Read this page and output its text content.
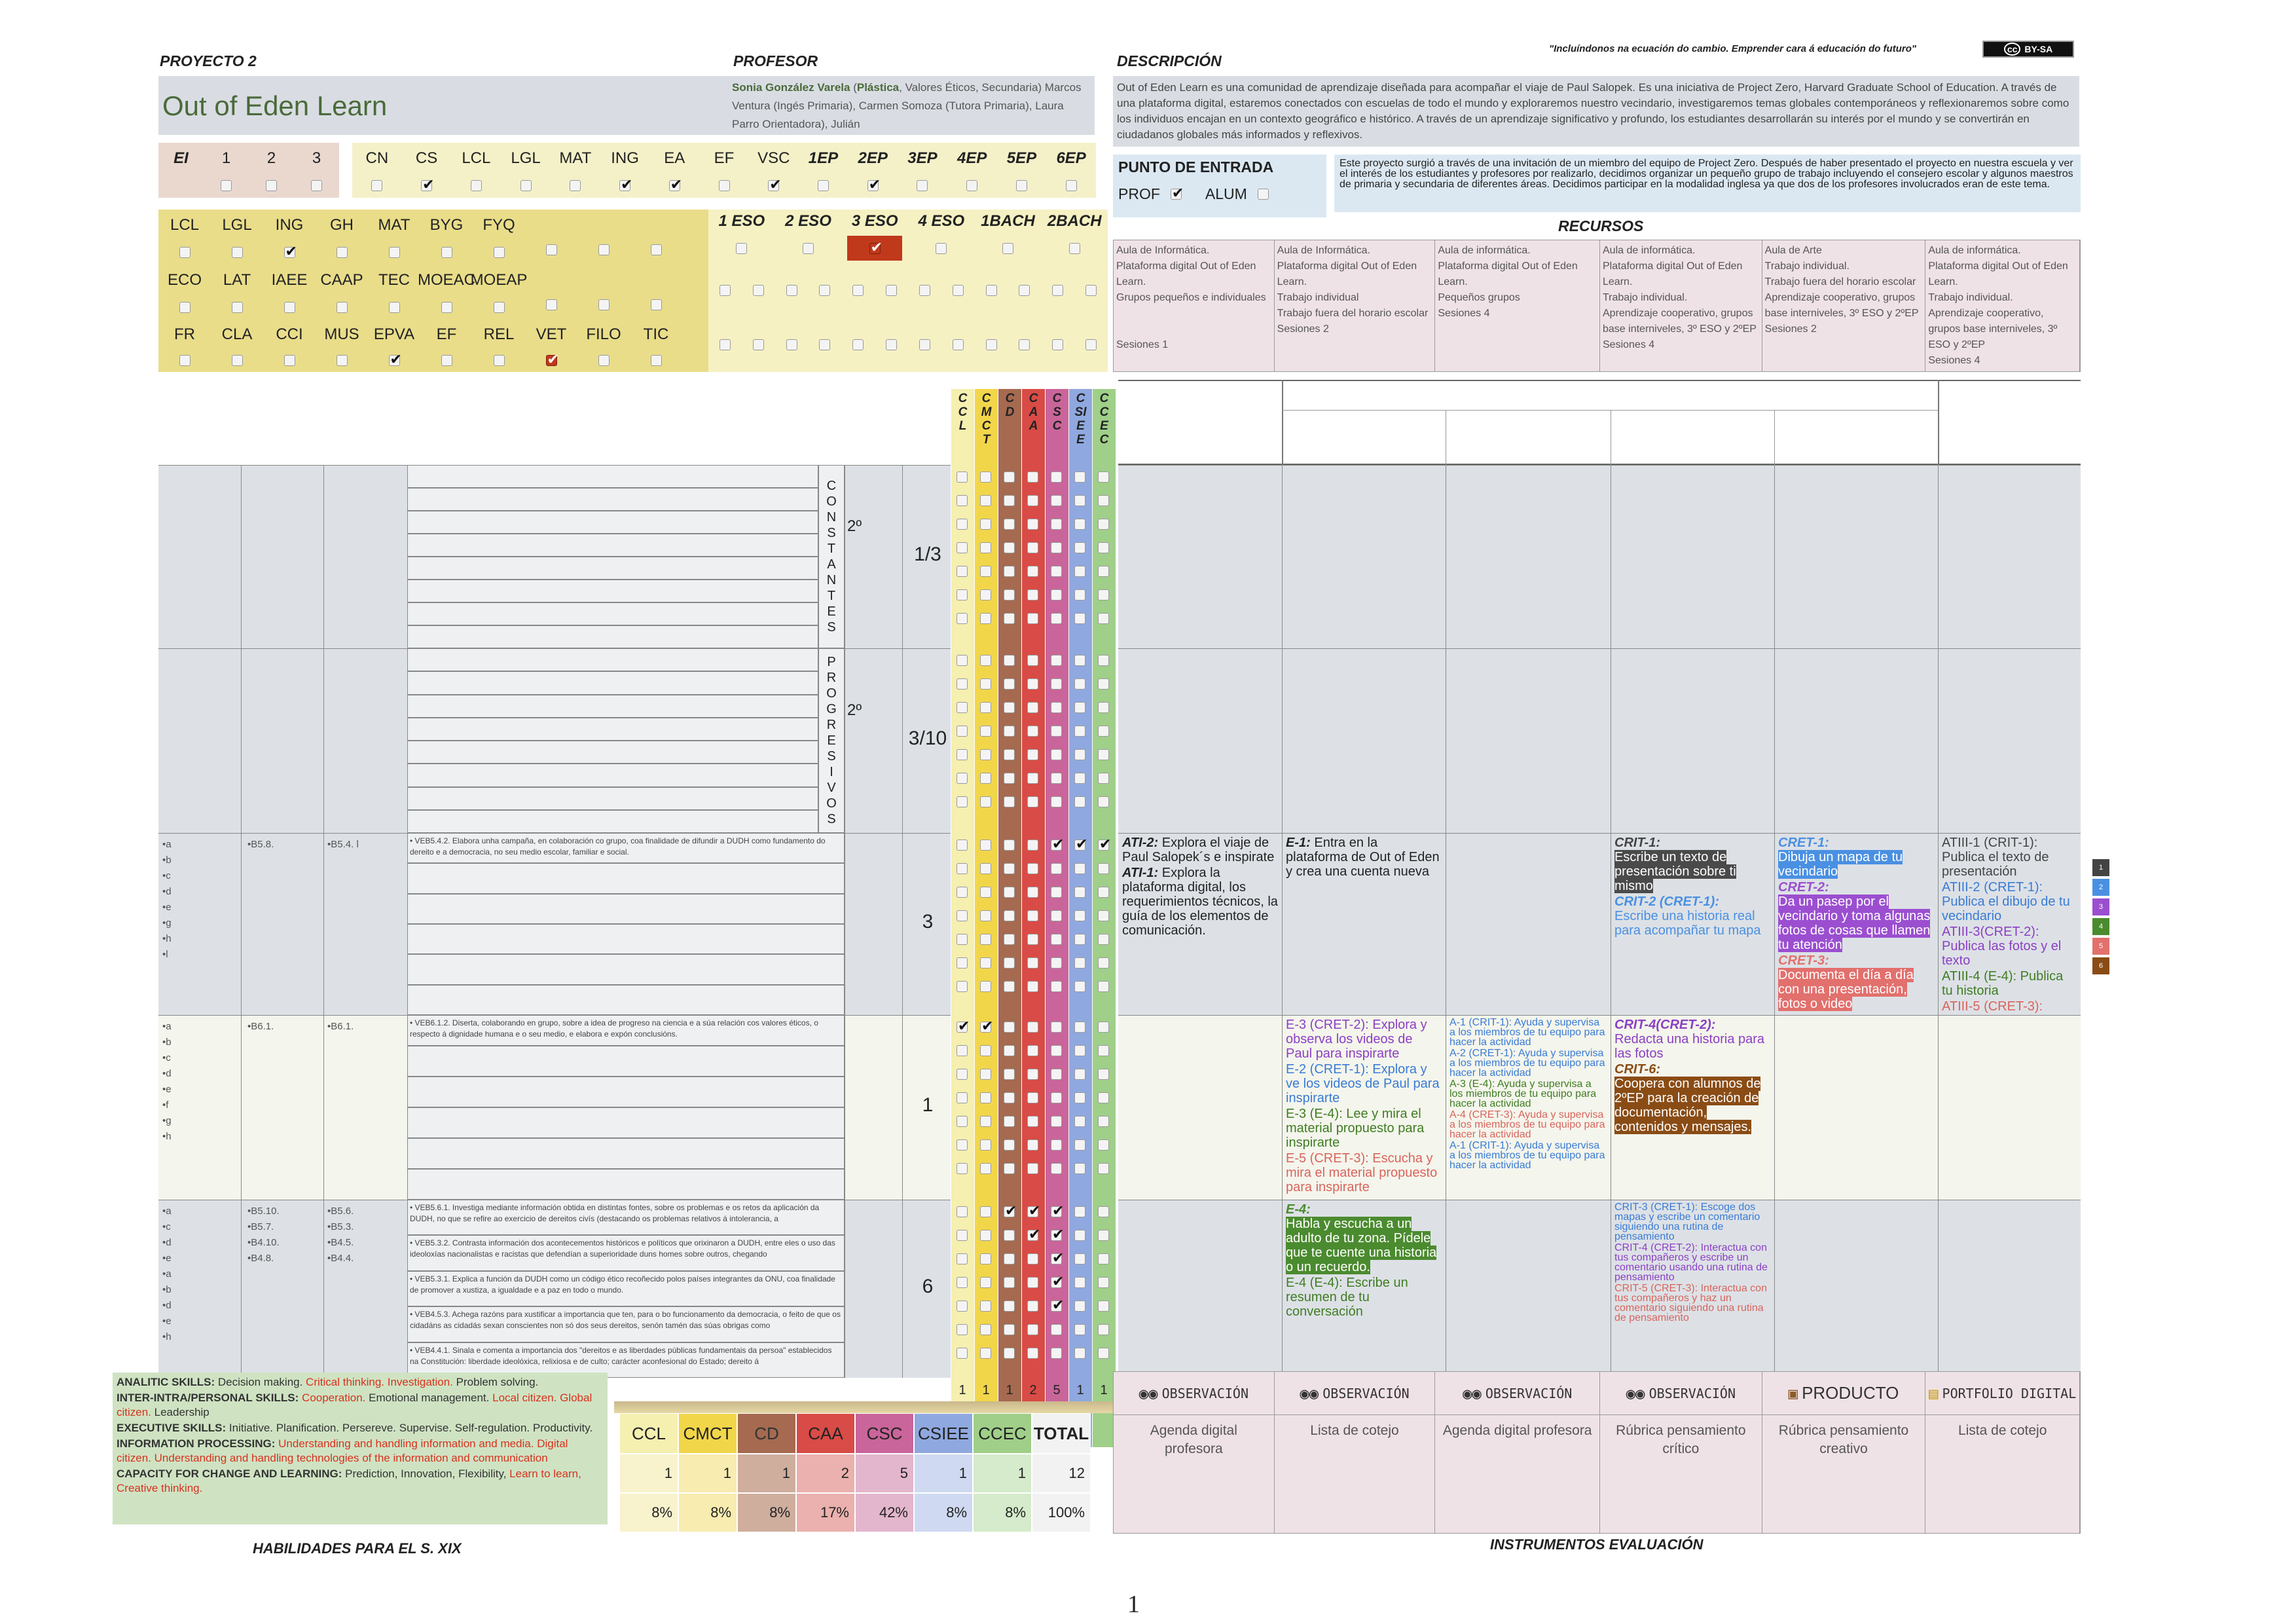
PROYECTO 2
Out of Eden Learn
PROFESOR
Sonia González Varela (Plástica, Valores Éticos, Secundaria) Marcos Ventura (Ingés Primaria), Carmen Somoza (Tutora Primaria), Laura Parro Orientadora), Julián
DESCRIPCIÓN
"Incluíndonos na ecuación do cambio. Emprender cara á educación do futuro"	cc BY-SA
Out of Eden Learn es una comunidad de aprendizaje diseñada para acompañar el viaje de Paul Salopek. Es una iniciativa de Project Zero, Harvard Graduate School of Education. A través de una plataforma digital, estaremos conectados con escuelas de todo el mundo y exploraremos nuestro vecindario, investigaremos temas globales contemporáneos y reflexionaremos sobre como los individuos encajan en un contexto geográfico e histórico. A través de un aprendizaje significativo y profundo, los estudiantes desarrollarán su interés por el mundo y se convertirán en ciudadanos globales más informados y reflexivos.
EI 1 2 3	CN CS
✔ LCL LGL MAT ING
✔ EA
✔ EF VSC
✔ 1EP 2EP
✔ 3EP 4EP 5EP 6EP
PUNTO DE ENTRADA
PROF
✔	ALUM
Este proyecto surgió a través de una invitación de un miembro del equipo de Project Zero. Después de haber presentado el proyecto en nuestra escuela y ver el interés de los estudiantes y profesores por realizarlo, decidimos organizar un pequeño grupo de trabajo incluyendo el consejero escolar y algunos maestros de primaria y secundaria de diferentes áreas. Decidimos participar en la modalidad inglesa ya que dos de los profesores involucrados eran de este tema.
LCL LGL ING
✔ GH MAT BYG FYQ
ECO LAT IAEE CAAP TEC MOEAC
MOEAP
FR CLA CCI MUS EPVA
✔ EF REL VET
✔ FILO TIC
1 ESO 2 ESO 3 ESO
✔ 4 ESO 1BACH 2BACH	RECURSOS
Aula de Informática.
Plataforma digital Out of Eden Learn.
Grupos pequeños e individuales

Sesiones 1
Aula de Informática.
Plataforma digital Out of Eden Learn.
Trabajo individual
Trabajo fuera del horario escolar
Sesiones 2
Aula de informática.
Plataforma digital Out of Eden Learn.
Pequeños grupos
Sesiones 4
Aula de informática.
Plataforma digital Out of Eden Learn.
Trabajo individual.
Aprendizaje cooperativo, grupos base interniveles, 3º ESO y 2ºEP
Sesiones 4
Aula de Arte
Trabajo individual.
Trabajo fuera del horario escolar
Aprendizaje cooperativo, grupos base interniveles, 3º ESO y 2ºEP
Sesiones 2
Aula de informática.
Plataforma digital Out of Eden Learn.
Trabajo individual.
Aprendizaje cooperativo, grupos base interniveles, 3º ESO y 2ºEP
Sesiones 4
CCL
CMCT
CD
CAA
CSC
CSIEE
CCEC
C
O
N
S
T
A
N
T
E
S
2º
1/3
P
R
O
G
R
E
S
I
V
O
S
2º
3/10
✔
✔
✔
•a
•b
•c
•d
•e
•g
•h
•l
•B5.8.	•B5.4. l	• VEB5.4.2. Elabora unha campaña, en colaboración co grupo, coa finalidade de difundir a DUDH como fundamento do dereito e a democracia, no seu medio escolar, familiar e social.
3
ATI-2: Explora el viaje de Paul Salopek´s e inspirate
ATI-1: Explora la plataforma digital, los requerimientos técnicos, la guía de los elementos de comunicación.
E-1: Entra en la plataforma de Out of Eden y crea una cuenta nueva
CRIT-1:
Escribe un texto de presentación sobre ti mismo
CRIT-2 (CRET-1):
Escribe una historia real para acompañar tu mapa
CRET-1:
Dibuja un mapa de tu vecindario
CRET-2:
Da un pasep por el vecindario y toma algunas fotos de cosas que llamen tu atención
CRET-3:
Documenta el día a día con una presentación, fotos o video
ATIII-1 (CRIT-1): Publica el texto de presentación
ATIII-2 (CRET-1): Publica el dibujo de tu vecindario
ATIII-3(CRET-2): Publica las fotos y el texto
ATIII-4 (E-4): Publica tu historia
ATIII-5 (CRET-3):
✔
✔
•a
•b
•c
•d
•e
•f
•g
•h
•B6.1.	•B6.1.	• VEB6.1.2. Diserta, colaborando en grupo, sobre a idea de progreso na ciencia e a súa relación cos valores éticos, o respecto á dignidade humana e o seu medio, e elabora e expón conclusións.
1
E-3 (CRET-2): Explora y observa los videos de Paul para inspirarte
E-2 (CRET-1): Explora y ve los videos de Paul para inspirarte
E-3 (E-4): Lee y mira el material propuesto para inspirarte
E-5 (CRET-3): Escucha y mira el material propuesto para inspirarte
A-1 (CRIT-1): Ayuda y supervisa a los miembros de tu equipo para hacer la actividad
A-2 (CRET-1): Ayuda y supervisa a los miembros de tu equipo para hacer la actividad
A-3 (E-4): Ayuda y supervisa a los miembros de tu equipo para hacer la actividad
A-4 (CRET-3): Ayuda y supervisa a los miembros de tu equipo para hacer la actividad
A-1 (CRIT-1): Ayuda y supervisa a los miembros de tu equipo para hacer la actividad
CRIT-4(CRET-2):
Redacta una historia para las fotos
CRIT-6:
Coopera con alumnos de 2ºEP para la creación de documentación, contenidos y mensajes.
✔
✔
✔
✔
✔
✔
✔
✔
•a
•c
•d
•e
•a
•b
•d
•e
•h
•B5.10.
•B5.7.
•B4.10.
•B4.8.
•B5.6.
•B5.3.
•B4.5.
•B4.4.
• VEB5.6.1. Investiga mediante información obtida en distintas fontes, sobre os problemas e os retos da aplicación da DUDH, no que se refire ao exercicio de dereitos civís (destacando os problemas relativos á intolerancia, a
• VEB5.3.2. Contrasta información dos acontecementos históricos e políticos que orixinaron a DUDH, entre eles o uso das ideoloxías nacionalistas e racistas que defendían a superioridade duns homes sobre outros, chegando
• VEB5.3.1. Explica a función da DUDH como un código ético recoñecido polos países integrantes da ONU, coa finalidade de promover a xustiza, a igualdade e a paz en todo o mundo.
• VEB4.5.3. Achega razóns para xustificar a importancia que ten, para o bo funcionamento da democracia, o feito de que os cidadáns as cidadás sexan conscientes non só dos seus dereitos, senón tamén das súas obrigas como
• VEB4.4.1. Sinala e comenta a importancia dos "dereitos e as liberdades públicas fundamentais da persoa" establecidos na Constitución: liberdade ideolóxica, relixiosa e de culto; carácter aconfesional do Estado; dereito á
6
E-4:
Habla y escucha a un adulto de tu zona. Pídele que te cuente una historia o un recuerdo.
E-4 (E-4): Escribe un resumen de tu conversación
CRIT-3 (CRET-1): Escoge dos mapas y escribe un comentario siguiendo una rutina de pensamiento
CRIT-4 (CRET-2): Interactua con tus compañeros y escribe un comentario usando una rutina de pensamiento
CRIT-5 (CRET-3): Interactua con tus compañeros y haz un comentario siguiendo una rutina de pensamiento
1	1	1	2	5	1	1
1
2
3
4
5
6
ANALITIC SKILLS: Decision making. Critical thinking. Investigation. Problem solving.
INTER-INTRA/PERSONAL SKILLS: Cooperation. Emotional management. Local citizen. Global citizen. Leadership
EXECUTIVE SKILLS: Initiative. Planification. Persereve. Supervise. Self-regulation. Productivity.
INFORMATION PROCESSING: Understanding and handling information and media. Digital citizen. Understanding and handling technologies of the information and communication
CAPACITY FOR CHANGE AND LEARNING: Prediction, Innovation, Flexibility, Learn to learn, Creative thinking.
HABILIDADES PARA EL S. XIX
CCL
1
8%
CMCT
1
8%
CD
1
8%
CAA
2
17%
CSC
5
42%
CSIEE
1
8%
CCEC
1
8%
TOTAL
12
100%
◉◉ OBSERVACIÓN
Agenda digital profesora
◉◉ OBSERVACIÓN
Lista de cotejo
◉◉ OBSERVACIÓN
Agenda digital profesora
◉◉ OBSERVACIÓN
Rúbrica pensamiento crítico
▣ PRODUCTO
Rúbrica pensamiento creativo
▤ PORTFOLIO DIGITAL
Lista de cotejo
INSTRUMENTOS EVALUACIÓN
1
